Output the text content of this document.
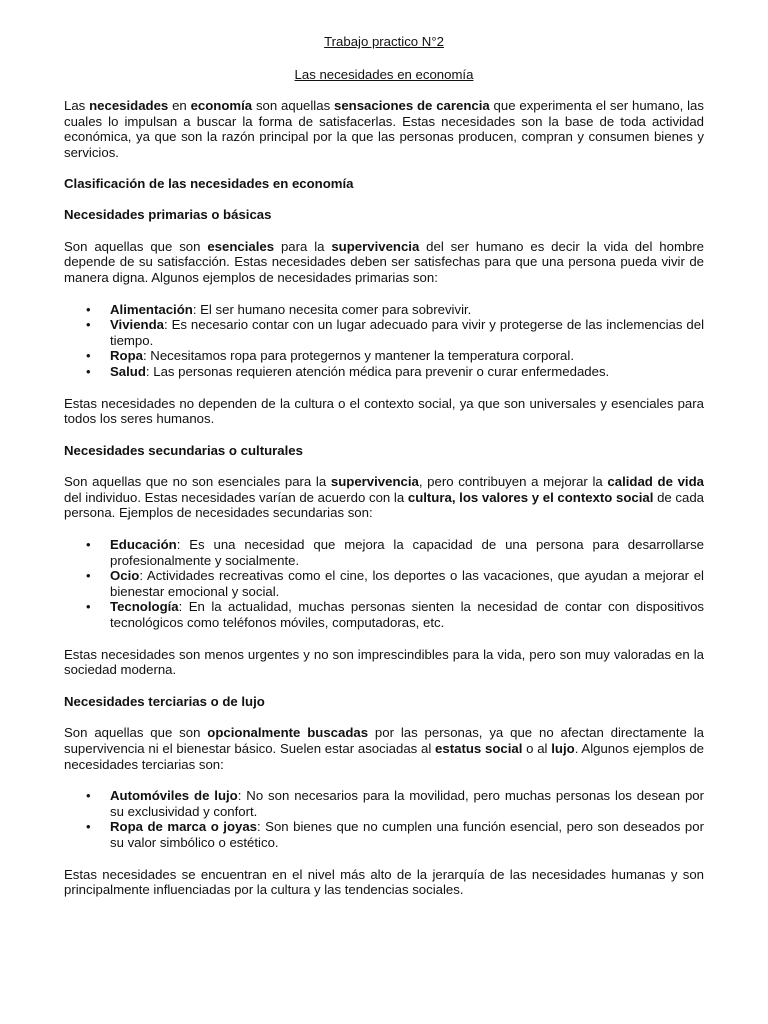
Trabajo practico N°2

Las necesidades en economía

Las necesidades en economía son aquellas sensaciones de carencia que experimenta el ser humano, las cuales lo impulsan a buscar la forma de satisfacerlas. Estas necesidades son la base de toda actividad económica, ya que son la razón principal por la que las personas producen, compran y consumen bienes y servicios.

Clasificación de las necesidades en economía
Necesidades primarias o básicas

Son aquellas que son esenciales para la supervivencia del ser humano es decir la vida del hombre depende de su satisfacción. Estas necesidades deben ser satisfechas para que una persona pueda vivir de manera digna. Algunos ejemplos de necesidades primarias son:

• Alimentación: El ser humano necesita comer para sobrevivir.
• Vivienda: Es necesario contar con un lugar adecuado para vivir y protegerse de las inclemencias del tiempo.
• Ropa: Necesitamos ropa para protegernos y mantener la temperatura corporal.
• Salud: Las personas requieren atención médica para prevenir o curar enfermedades.

Estas necesidades no dependen de la cultura o el contexto social, ya que son universales y esenciales para todos los seres humanos.

Necesidades secundarias o culturales

Son aquellas que no son esenciales para la supervivencia, pero contribuyen a mejorar la calidad de vida del individuo. Estas necesidades varían de acuerdo con la cultura, los valores y el contexto social de cada persona. Ejemplos de necesidades secundarias son:

• Educación: Es una necesidad que mejora la capacidad de una persona para desarrollarse profesionalmente y socialmente.
• Ocio: Actividades recreativas como el cine, los deportes o las vacaciones, que ayudan a mejorar el bienestar emocional y social.
• Tecnología: En la actualidad, muchas personas sienten la necesidad de contar con dispositivos tecnológicos como teléfonos móviles, computadoras, etc.

Estas necesidades son menos urgentes y no son imprescindibles para la vida, pero son muy valoradas en la sociedad moderna.

Necesidades terciarias o de lujo

Son aquellas que son opcionalmente buscadas por las personas, ya que no afectan directamente la supervivencia ni el bienestar básico. Suelen estar asociadas al estatus social o al lujo. Algunos ejemplos de necesidades terciarias son:

• Automóviles de lujo: No son necesarios para la movilidad, pero muchas personas los desean por su exclusividad y confort.
• Ropa de marca o joyas: Son bienes que no cumplen una función esencial, pero son deseados por su valor simbólico o estético.

Estas necesidades se encuentran en el nivel más alto de la jerarquía de las necesidades humanas y son principalmente influenciadas por la cultura y las tendencias sociales.
